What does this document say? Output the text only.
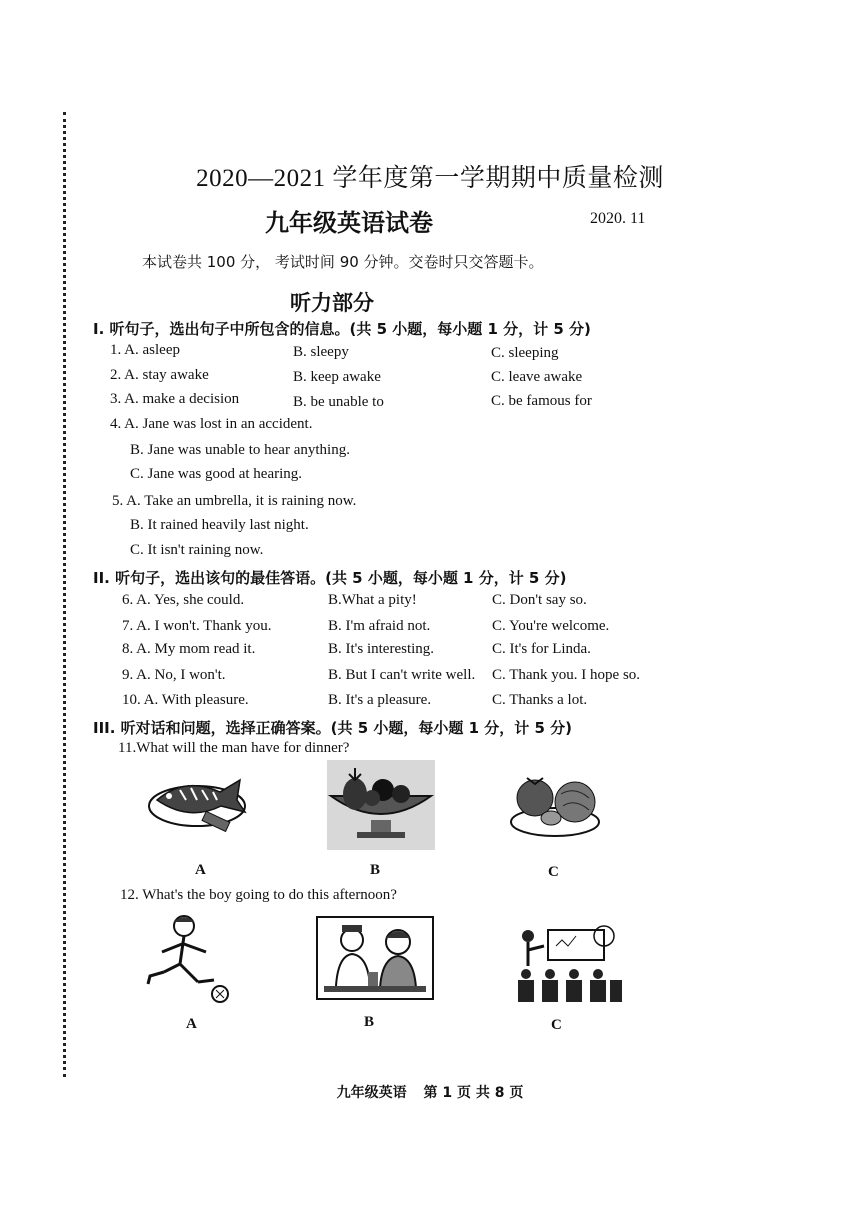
2020—2021 学年度第一学期期中质量检测
九年级英语试卷	2020. 11
本试卷共 100 分， 考试时间 90 分钟。交卷时只交答题卡。
听力部分
I. 听句子，选出句子中所包含的信息。(共 5 小题，每小题 1 分，计 5 分)
1. A. asleep	B. sleepy	C. sleeping
2. A. stay awake	B. keep awake	C. leave awake
3. A. make a decision	B. be unable to	C. be famous for
4. A. Jane was lost in an accident.
B. Jane was unable to hear anything.
C. Jane was good at hearing.
5. A. Take an umbrella, it is raining now.
B. It rained heavily last night.
C. It isn't raining now.
II. 听句子，选出该句的最佳答语。(共 5 小题，每小题 1 分，计 5 分)
6. A. Yes, she could.	B.What a pity!	C. Don't say so.
7. A. I won't. Thank you.	B. I'm afraid not.	C. You're welcome.
8. A. My mom read it.	B. It's interesting.	C. It's for Linda.
9. A. No, I won't.	B. But I can't write well. C. Thank you. I hope so.
10. A. With pleasure.	B. It's a pleasure.	C. Thanks a lot.
III. 听对话和问题，选择正确答案。(共 5 小题，每小题 1 分，计 5 分)
11.What will the man have for dinner?
A	B	C
12. What's the boy going to do this afternoon?
A	B	C
九年级英语 第 1 页 共 8 页
